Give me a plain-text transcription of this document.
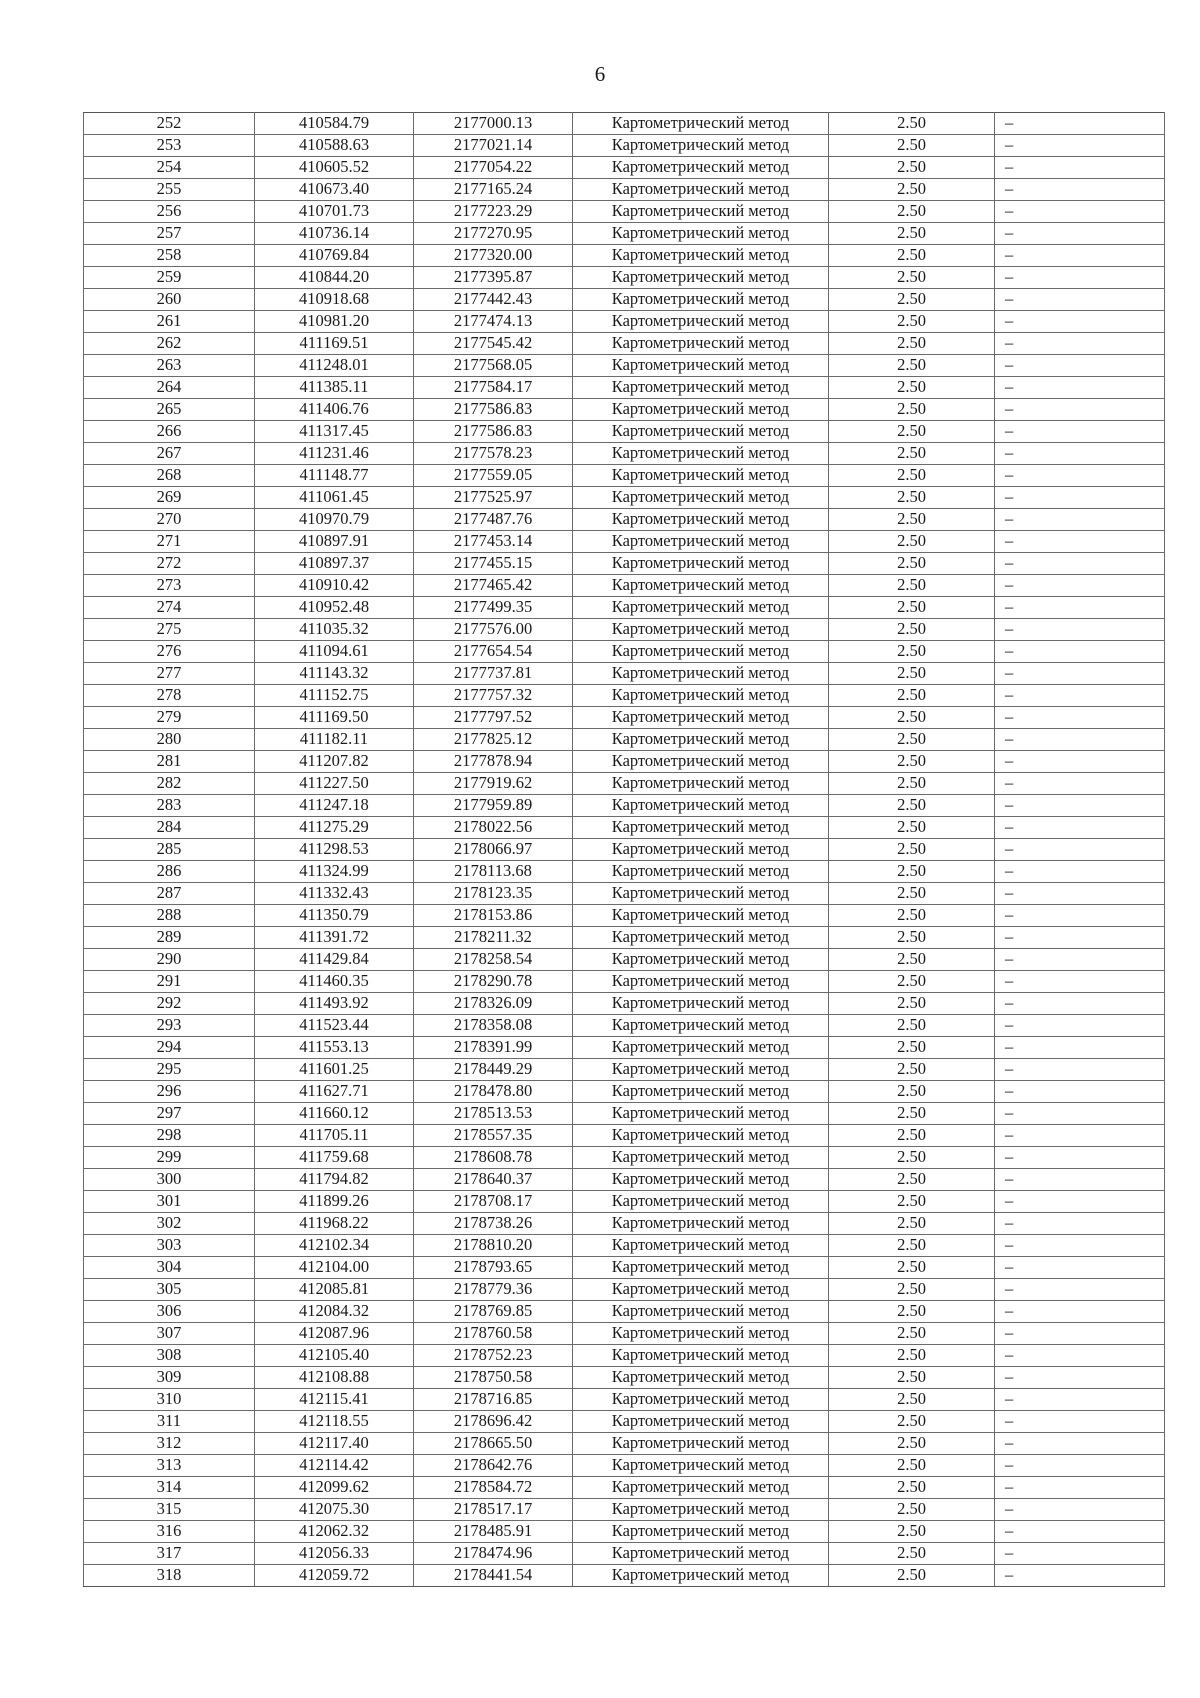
6
252	410584.79	2177000.13	Картометрический метод	2.50	–
253	410588.63	2177021.14	Картометрический метод	2.50	–
254	410605.52	2177054.22	Картометрический метод	2.50	–
255	410673.40	2177165.24	Картометрический метод	2.50	–
256	410701.73	2177223.29	Картометрический метод	2.50	–
257	410736.14	2177270.95	Картометрический метод	2.50	–
258	410769.84	2177320.00	Картометрический метод	2.50	–
259	410844.20	2177395.87	Картометрический метод	2.50	–
260	410918.68	2177442.43	Картометрический метод	2.50	–
261	410981.20	2177474.13	Картометрический метод	2.50	–
262	411169.51	2177545.42	Картометрический метод	2.50	–
263	411248.01	2177568.05	Картометрический метод	2.50	–
264	411385.11	2177584.17	Картометрический метод	2.50	–
265	411406.76	2177586.83	Картометрический метод	2.50	–
266	411317.45	2177586.83	Картометрический метод	2.50	–
267	411231.46	2177578.23	Картометрический метод	2.50	–
268	411148.77	2177559.05	Картометрический метод	2.50	–
269	411061.45	2177525.97	Картометрический метод	2.50	–
270	410970.79	2177487.76	Картометрический метод	2.50	–
271	410897.91	2177453.14	Картометрический метод	2.50	–
272	410897.37	2177455.15	Картометрический метод	2.50	–
273	410910.42	2177465.42	Картометрический метод	2.50	–
274	410952.48	2177499.35	Картометрический метод	2.50	–
275	411035.32	2177576.00	Картометрический метод	2.50	–
276	411094.61	2177654.54	Картометрический метод	2.50	–
277	411143.32	2177737.81	Картометрический метод	2.50	–
278	411152.75	2177757.32	Картометрический метод	2.50	–
279	411169.50	2177797.52	Картометрический метод	2.50	–
280	411182.11	2177825.12	Картометрический метод	2.50	–
281	411207.82	2177878.94	Картометрический метод	2.50	–
282	411227.50	2177919.62	Картометрический метод	2.50	–
283	411247.18	2177959.89	Картометрический метод	2.50	–
284	411275.29	2178022.56	Картометрический метод	2.50	–
285	411298.53	2178066.97	Картометрический метод	2.50	–
286	411324.99	2178113.68	Картометрический метод	2.50	–
287	411332.43	2178123.35	Картометрический метод	2.50	–
288	411350.79	2178153.86	Картометрический метод	2.50	–
289	411391.72	2178211.32	Картометрический метод	2.50	–
290	411429.84	2178258.54	Картометрический метод	2.50	–
291	411460.35	2178290.78	Картометрический метод	2.50	–
292	411493.92	2178326.09	Картометрический метод	2.50	–
293	411523.44	2178358.08	Картометрический метод	2.50	–
294	411553.13	2178391.99	Картометрический метод	2.50	–
295	411601.25	2178449.29	Картометрический метод	2.50	–
296	411627.71	2178478.80	Картометрический метод	2.50	–
297	411660.12	2178513.53	Картометрический метод	2.50	–
298	411705.11	2178557.35	Картометрический метод	2.50	–
299	411759.68	2178608.78	Картометрический метод	2.50	–
300	411794.82	2178640.37	Картометрический метод	2.50	–
301	411899.26	2178708.17	Картометрический метод	2.50	–
302	411968.22	2178738.26	Картометрический метод	2.50	–
303	412102.34	2178810.20	Картометрический метод	2.50	–
304	412104.00	2178793.65	Картометрический метод	2.50	–
305	412085.81	2178779.36	Картометрический метод	2.50	–
306	412084.32	2178769.85	Картометрический метод	2.50	–
307	412087.96	2178760.58	Картометрический метод	2.50	–
308	412105.40	2178752.23	Картометрический метод	2.50	–
309	412108.88	2178750.58	Картометрический метод	2.50	–
310	412115.41	2178716.85	Картометрический метод	2.50	–
311	412118.55	2178696.42	Картометрический метод	2.50	–
312	412117.40	2178665.50	Картометрический метод	2.50	–
313	412114.42	2178642.76	Картометрический метод	2.50	–
314	412099.62	2178584.72	Картометрический метод	2.50	–
315	412075.30	2178517.17	Картометрический метод	2.50	–
316	412062.32	2178485.91	Картометрический метод	2.50	–
317	412056.33	2178474.96	Картометрический метод	2.50	–
318	412059.72	2178441.54	Картометрический метод	2.50	–
